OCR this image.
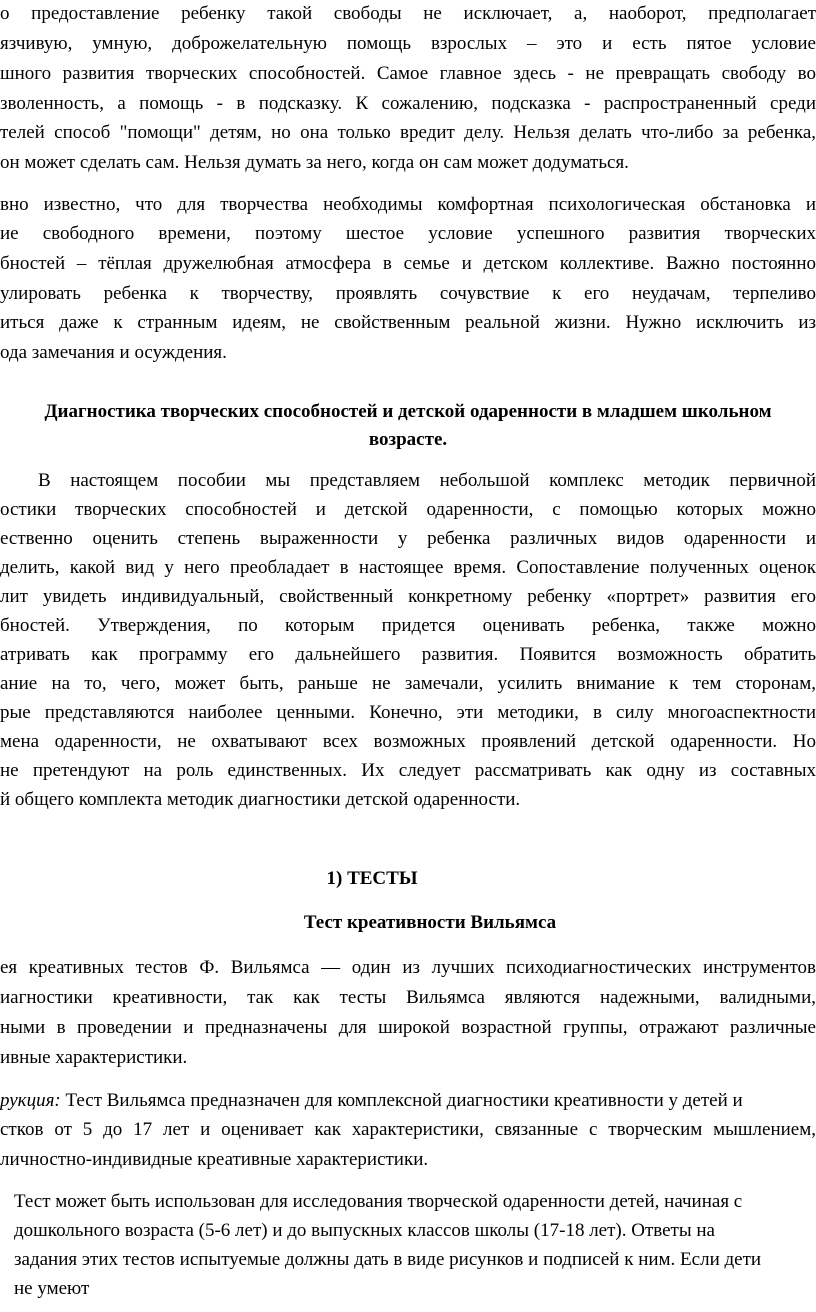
о предоставление ребенку такой свободы не исключает, а, наоборот, предполагает
язчивую, умную, доброжелательную помощь взрослых – это и есть пятое условие
шного развития творческих способностей. Самое главное здесь - не превращать свободу во
зволенность, а помощь - в подсказку. К сожалению, подсказка - распространенный среди
телей способ "помощи" детям, но она только вредит делу. Нельзя делать что-либо за ребенка,
он может сделать сам. Нельзя думать за него, когда он сам может додуматься.
вно известно, что для творчества необходимы комфортная психологическая обстановка и
ие свободного времени, поэтому шестое условие успешного развития творческих
бностей – тёплая дружелюбная атмосфера в семье и детском коллективе. Важно постоянно
улировать ребенка к творчеству, проявлять сочувствие к его неудачам, терпеливо
иться даже к странным идеям, не свойственным реальной жизни. Нужно исключить из
ода замечания и осуждения.
Диагностика творческих способностей и детской одаренности в младшем школьном
возрасте.
В настоящем пособии мы представляем небольшой комплекс методик первичной
остики творческих способностей и детской одаренности, с помощью которых можно
ественно оценить степень выраженности у ребенка различных видов одаренности и
делить, какой вид у него преобладает в настоящее время. Сопоставление полученных оценок
лит увидеть индивидуальный, свойственный конкретному ребенку «портрет» развития его
бностей. Утверждения, по которым придется оценивать ребенка, также можно
атривать как программу его дальнейшего развития. Появится возможность обратить
ание на то, чего, может быть, раньше не замечали, усилить внимание к тем сторонам,
рые представляются наиболее ценными. Конечно, эти методики, в силу многоаспектности
мена одаренности, не охватывают всех возможных проявлений детской одаренности. Но
не претендуют на роль единственных. Их следует рассматривать как одну из составных
й общего комплекта методик диагностики детской одаренности.
1) ТЕСТЫ
Тест креативности Вильямса
ея креативных тестов Ф. Вильямса — один из лучших психодиагностических инструментов
иагностики креативности, так как тесты Вильямса являются надежными, валидными,
ными в проведении и предназначены для широкой возрастной группы, отражают различные
ивные характеристики.
рукция: Тест Вильямса предназначен для комплексной диагностики креативности у детей и
стков от 5 до 17 лет и оценивает как характеристики, связанные с творческим мышлением,
личностно-индивидные креативные характеристики.
Тест может быть использован для исследования творческой одаренности детей, начиная с
дошкольного возраста (5-6 лет) и до выпускных классов школы (17-18 лет). Ответы на
задания этих тестов испытуемые должны дать в виде рисунков и подписей к ним. Если дети
не умеют
